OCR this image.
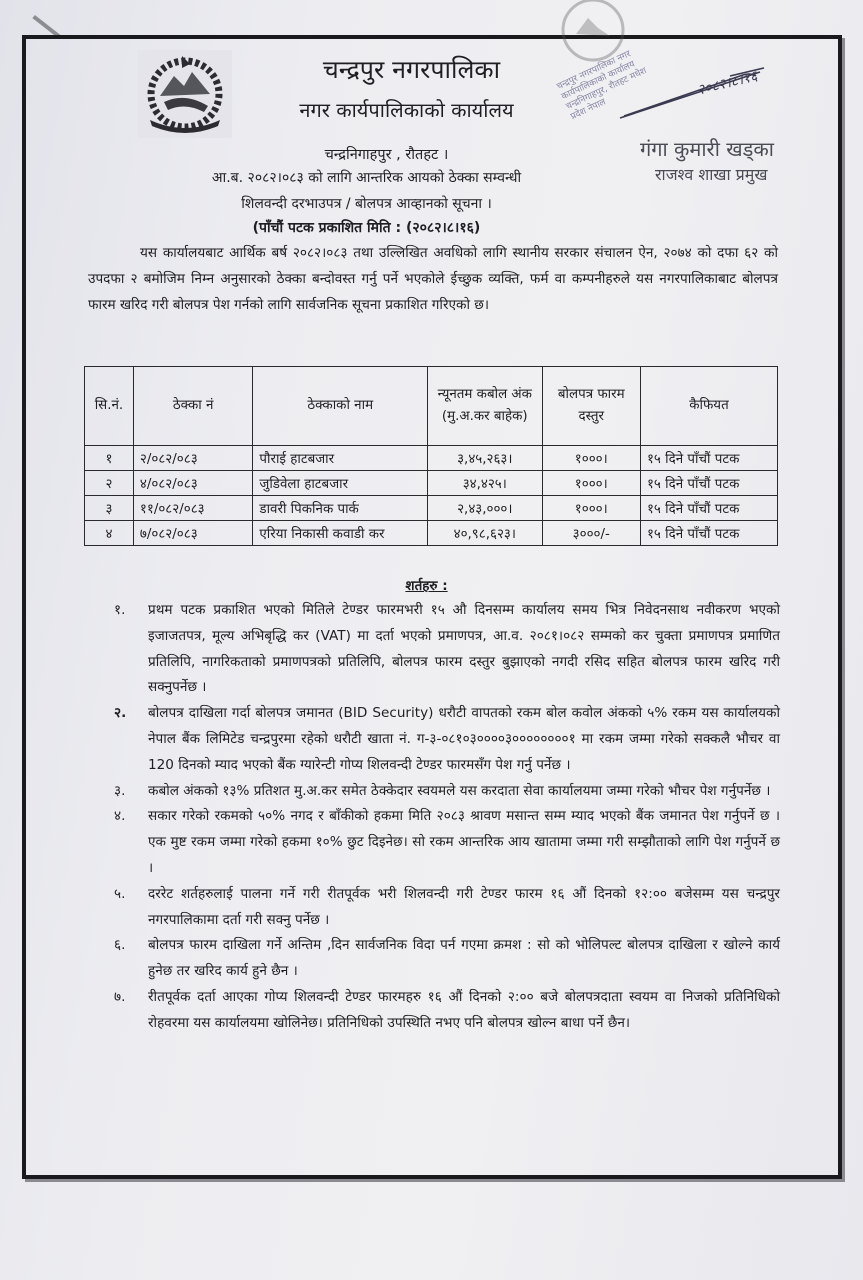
चन्द्रपुर नगरपालिका नगर कार्यपालिकाको कार्यालय चन्द्रनिगाहपुर, रौतहट मधेश प्रदेश नेपाल
२०८२।८।१६
चन्द्रपुर नगरपालिका
नगर कार्यपालिकाको कार्यालय
चन्द्रनिगाहपुर , रौतहट ।
आ.ब. २०८२।०८३ को लागि आन्तरिक आयको ठेक्का सम्वन्धी
शिलवन्दी दरभाउपत्र / बोलपत्र आव्हानको सूचना ।
(पाँचौं पटक प्रकाशित मिति : (२०८२।८।१६)
गंगा कुमारी खड्का
राजश्व शाखा प्रमुख
यस कार्यालयबाट आर्थिक बर्ष २०८२।०८३ तथा उल्लिखित अवधिको लागि स्थानीय सरकार संचालन ऐन, २०७४ को दफा ६२ को उपदफा २ बमोजिम निम्न अनुसारको ठेक्का बन्दोवस्त गर्नु पर्ने भएकोले ईच्छुक व्यक्ति, फर्म वा कम्पनीहरुले यस नगरपालिकाबाट बोलपत्र फारम खरिद गरी बोलपत्र पेश गर्नको लागि सार्वजनिक सूचना प्रकाशित गरिएको छ।
सि.नं.	ठेक्का नं	ठेक्काको नाम	न्यूनतम कबोल अंक (मु.अ.कर बाहेक)	बोलपत्र फारम दस्तुर	कैफियत
१	२/०८२/०८३	पौराई हाटबजार	३,४५,२६३।	१०००।	१५ दिने पाँचौं पटक
२	४/०८२/०८३	जुडिवेला हाटबजार	३४,४२५।	१०००।	१५ दिने पाँचौं पटक
३	११/०८२/०८३	डावरी पिकनिक पार्क	२,४३,०००।	१०००।	१५ दिने पाँचौं पटक
४	७/०८२/०८३	एरिया निकासी कवाडी कर	४०,९८,६२३।	३०००/-	१५ दिने पाँचौं पटक
शर्तहरु :
१. प्रथम पटक प्रकाशित भएको मितिले टेण्डर फारमभरी १५ औ दिनसम्म कार्यालय समय भित्र निवेदनसाथ नवीकरण भएको इजाजतपत्र, मूल्य अभिबृद्धि कर (VAT) मा दर्ता भएको प्रमाणपत्र, आ.व. २०८१।०८२ सम्मको कर चुक्ता प्रमाणपत्र प्रमाणित प्रतिलिपि, नागरिकताको प्रमाणपत्रको प्रतिलिपि, बोलपत्र फारम दस्तुर बुझाएको नगदी रसिद सहित बोलपत्र फारम खरिद गरी सक्नुपर्नेछ ।
२. बोलपत्र दाखिला गर्दा बोलपत्र जमानत (BID Security) धरौटी वापतको रकम बोल कवोल अंकको ५% रकम यस कार्यालयको नेपाल बैंक लिमिटेड चन्द्रपुरमा रहेको धरौटी खाता नं. ग-३-०८१०३००००३००००००००१ मा रकम जम्मा गरेको सक्कलै भौचर वा 120 दिनको म्याद भएको बैंक ग्यारेन्टी गोप्य शिलवन्दी टेण्डर फारमसँग पेश गर्नु पर्नेछ ।
३. कबोल अंकको १३% प्रतिशत मु.अ.कर समेत ठेक्केदार स्वयमले यस करदाता सेवा कार्यालयमा जम्मा गरेको भौचर पेश गर्नुपर्नेछ ।
४. सकार गरेको रकमको ५०% नगद र बाँकीको हकमा मिति २०८३ श्रावण मसान्त सम्म म्याद भएको बैंक जमानत पेश गर्नुपर्ने छ । एक मुष्ट रकम जम्मा गरेको हकमा १०% छुट दिइनेछ। सो रकम आन्तरिक आय खातामा जम्मा गरी सम्झौताको लागि पेश गर्नुपर्ने छ ।
५. दररेट शर्तहरुलाई पालना गर्ने गरी रीतपूर्वक भरी शिलवन्दी गरी टेण्डर फारम १६ औं दिनको १२:०० बजेसम्म यस चन्द्रपुर नगरपालिकामा दर्ता गरी सक्नु पर्नेछ ।
६. बोलपत्र फारम दाखिला गर्ने अन्तिम ,दिन सार्वजनिक विदा पर्न गएमा क्रमश : सो को भोलिपल्ट बोलपत्र दाखिला र खोल्ने कार्य हुनेछ तर खरिद कार्य हुने छैन ।
७. रीतपूर्वक दर्ता आएका गोप्य शिलवन्दी टेण्डर फारमहरु १६ औं दिनको २:०० बजे बोलपत्रदाता स्वयम वा निजको प्रतिनिधिको रोहवरमा यस कार्यालयमा खोलिनेछ। प्रतिनिधिको उपस्थिति नभए पनि बोलपत्र खोल्न बाधा पर्ने छैन।
